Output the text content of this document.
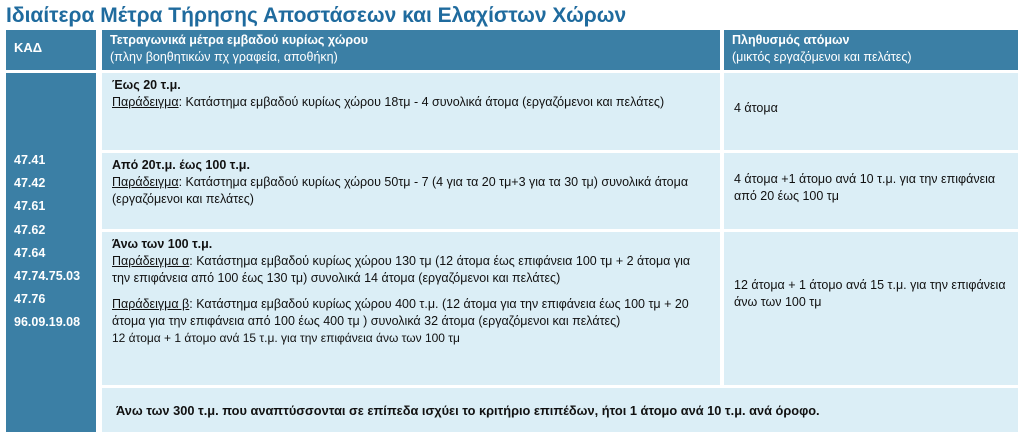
Ιδιαίτερα Μέτρα Τήρησης Αποστάσεων και Ελαχίστων Χώρων
ΚΑΔ	Τετραγωνικά μέτρα εμβαδού κυρίως χώρου
(πλην βοηθητικών πχ γραφεία, αποθήκη)
Πληθυσμός ατόμων
(μικτός εργαζόμενοι και πελάτες)
47.41
47.42
47.61
47.62
47.64
47.74.75.03
47.76
96.09.19.08
Έως 20 τ.μ.
Παράδειγμα: Κατάστημα εμβαδού κυρίως χώρου 18τμ - 4 συνολικά άτομα (εργαζόμενοι και πελάτες)	4 άτομα
Από 20τ.μ. έως 100 τ.μ.
Παράδειγμα: Κατάστημα εμβαδού κυρίως χώρου 50τμ - 7 (4 για τα 20 τμ+3 για τα 30 τμ) συνολικά άτομα (εργαζόμενοι και πελάτες)
4 άτομα +1 άτομο ανά 10 τ.μ. για την επιφάνεια από 20 έως 100 τμ
Άνω των 100 τ.μ.
Παράδειγμα α: Κατάστημα εμβαδού κυρίως χώρου 130 τμ (12 άτομα έως επιφάνεια 100 τμ + 2 άτομα για την επιφάνεια από 100 έως 130 τμ) συνολικά 14 άτομα (εργαζόμενοι και πελάτες)
Παράδειγμα β: Κατάστημα εμβαδού κυρίως χώρου 400 τ.μ. (12 άτομα για την επιφάνεια έως 100 τμ + 20 άτομα για την επιφάνεια από 100 έως 400 τμ ) συνολικά 32 άτομα (εργαζόμενοι και πελάτες)
12 άτομα + 1 άτομο ανά 15 τ.μ. για την επιφάνεια άνω των 100 τμ
12 άτομα + 1 άτομο ανά 15 τ.μ. για την επιφάνεια άνω των 100 τμ
Άνω των 300 τ.μ. που αναπτύσσονται σε επίπεδα ισχύει το κριτήριο επιπέδων, ήτοι 1 άτομο ανά 10 τ.μ. ανά όροφο.
